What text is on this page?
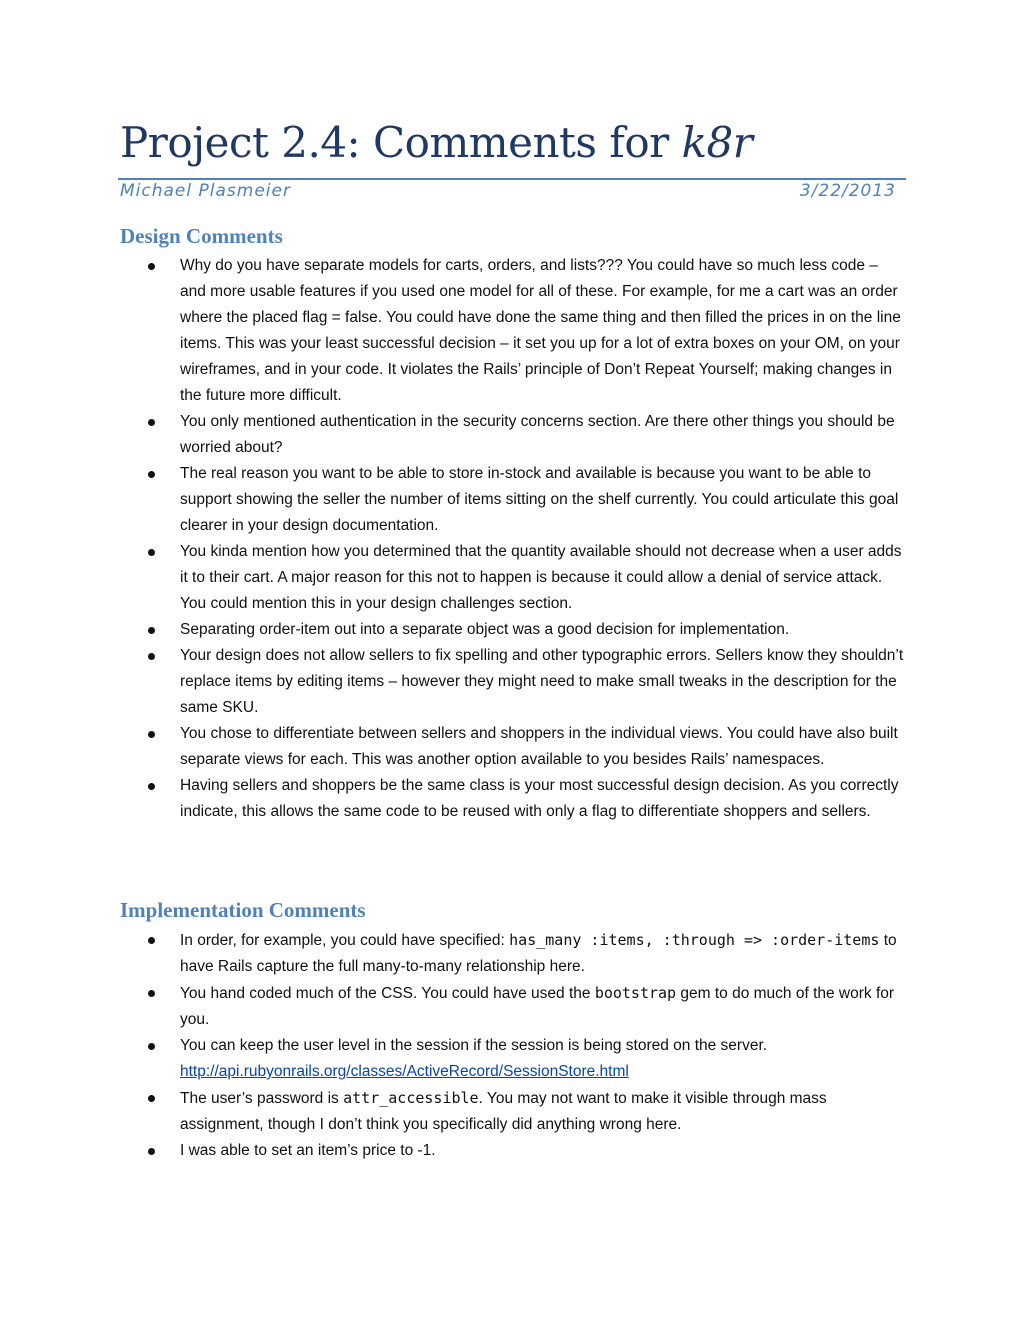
Project 2.4: Comments for k8r
Michael Plasmeier	3/22/2013
Design Comments
Why do you have separate models for carts, orders, and lists??? You could have so much less code – and more usable features if you used one model for all of these. For example, for me a cart was an order where the placed flag = false. You could have done the same thing and then filled the prices in on the line items. This was your least successful decision – it set you up for a lot of extra boxes on your OM, on your wireframes, and in your code. It violates the Rails’ principle of Don’t Repeat Yourself; making changes in the future more difficult.
You only mentioned authentication in the security concerns section. Are there other things you should be worried about?
The real reason you want to be able to store in-stock and available is because you want to be able to support showing the seller the number of items sitting on the shelf currently. You could articulate this goal clearer in your design documentation.
You kinda mention how you determined that the quantity available should not decrease when a user adds it to their cart. A major reason for this not to happen is because it could allow a denial of service attack. You could mention this in your design challenges section.
Separating order-item out into a separate object was a good decision for implementation.
Your design does not allow sellers to fix spelling and other typographic errors. Sellers know they shouldn’t replace items by editing items – however they might need to make small tweaks in the description for the same SKU.
You chose to differentiate between sellers and shoppers in the individual views. You could have also built separate views for each. This was another option available to you besides Rails’ namespaces.
Having sellers and shoppers be the same class is your most successful design decision. As you correctly indicate, this allows the same code to be reused with only a flag to differentiate shoppers and sellers.
Implementation Comments
In order, for example, you could have specified: has_many :items, :through => :order-items to have Rails capture the full many-to-many relationship here.
You hand coded much of the CSS. You could have used the bootstrap gem to do much of the work for you.
You can keep the user level in the session if the session is being stored on the server.
http://api.rubyonrails.org/classes/ActiveRecord/SessionStore.html
The user’s password is attr_accessible. You may not want to make it visible through mass assignment, though I don’t think you specifically did anything wrong here.
I was able to set an item’s price to -1.
